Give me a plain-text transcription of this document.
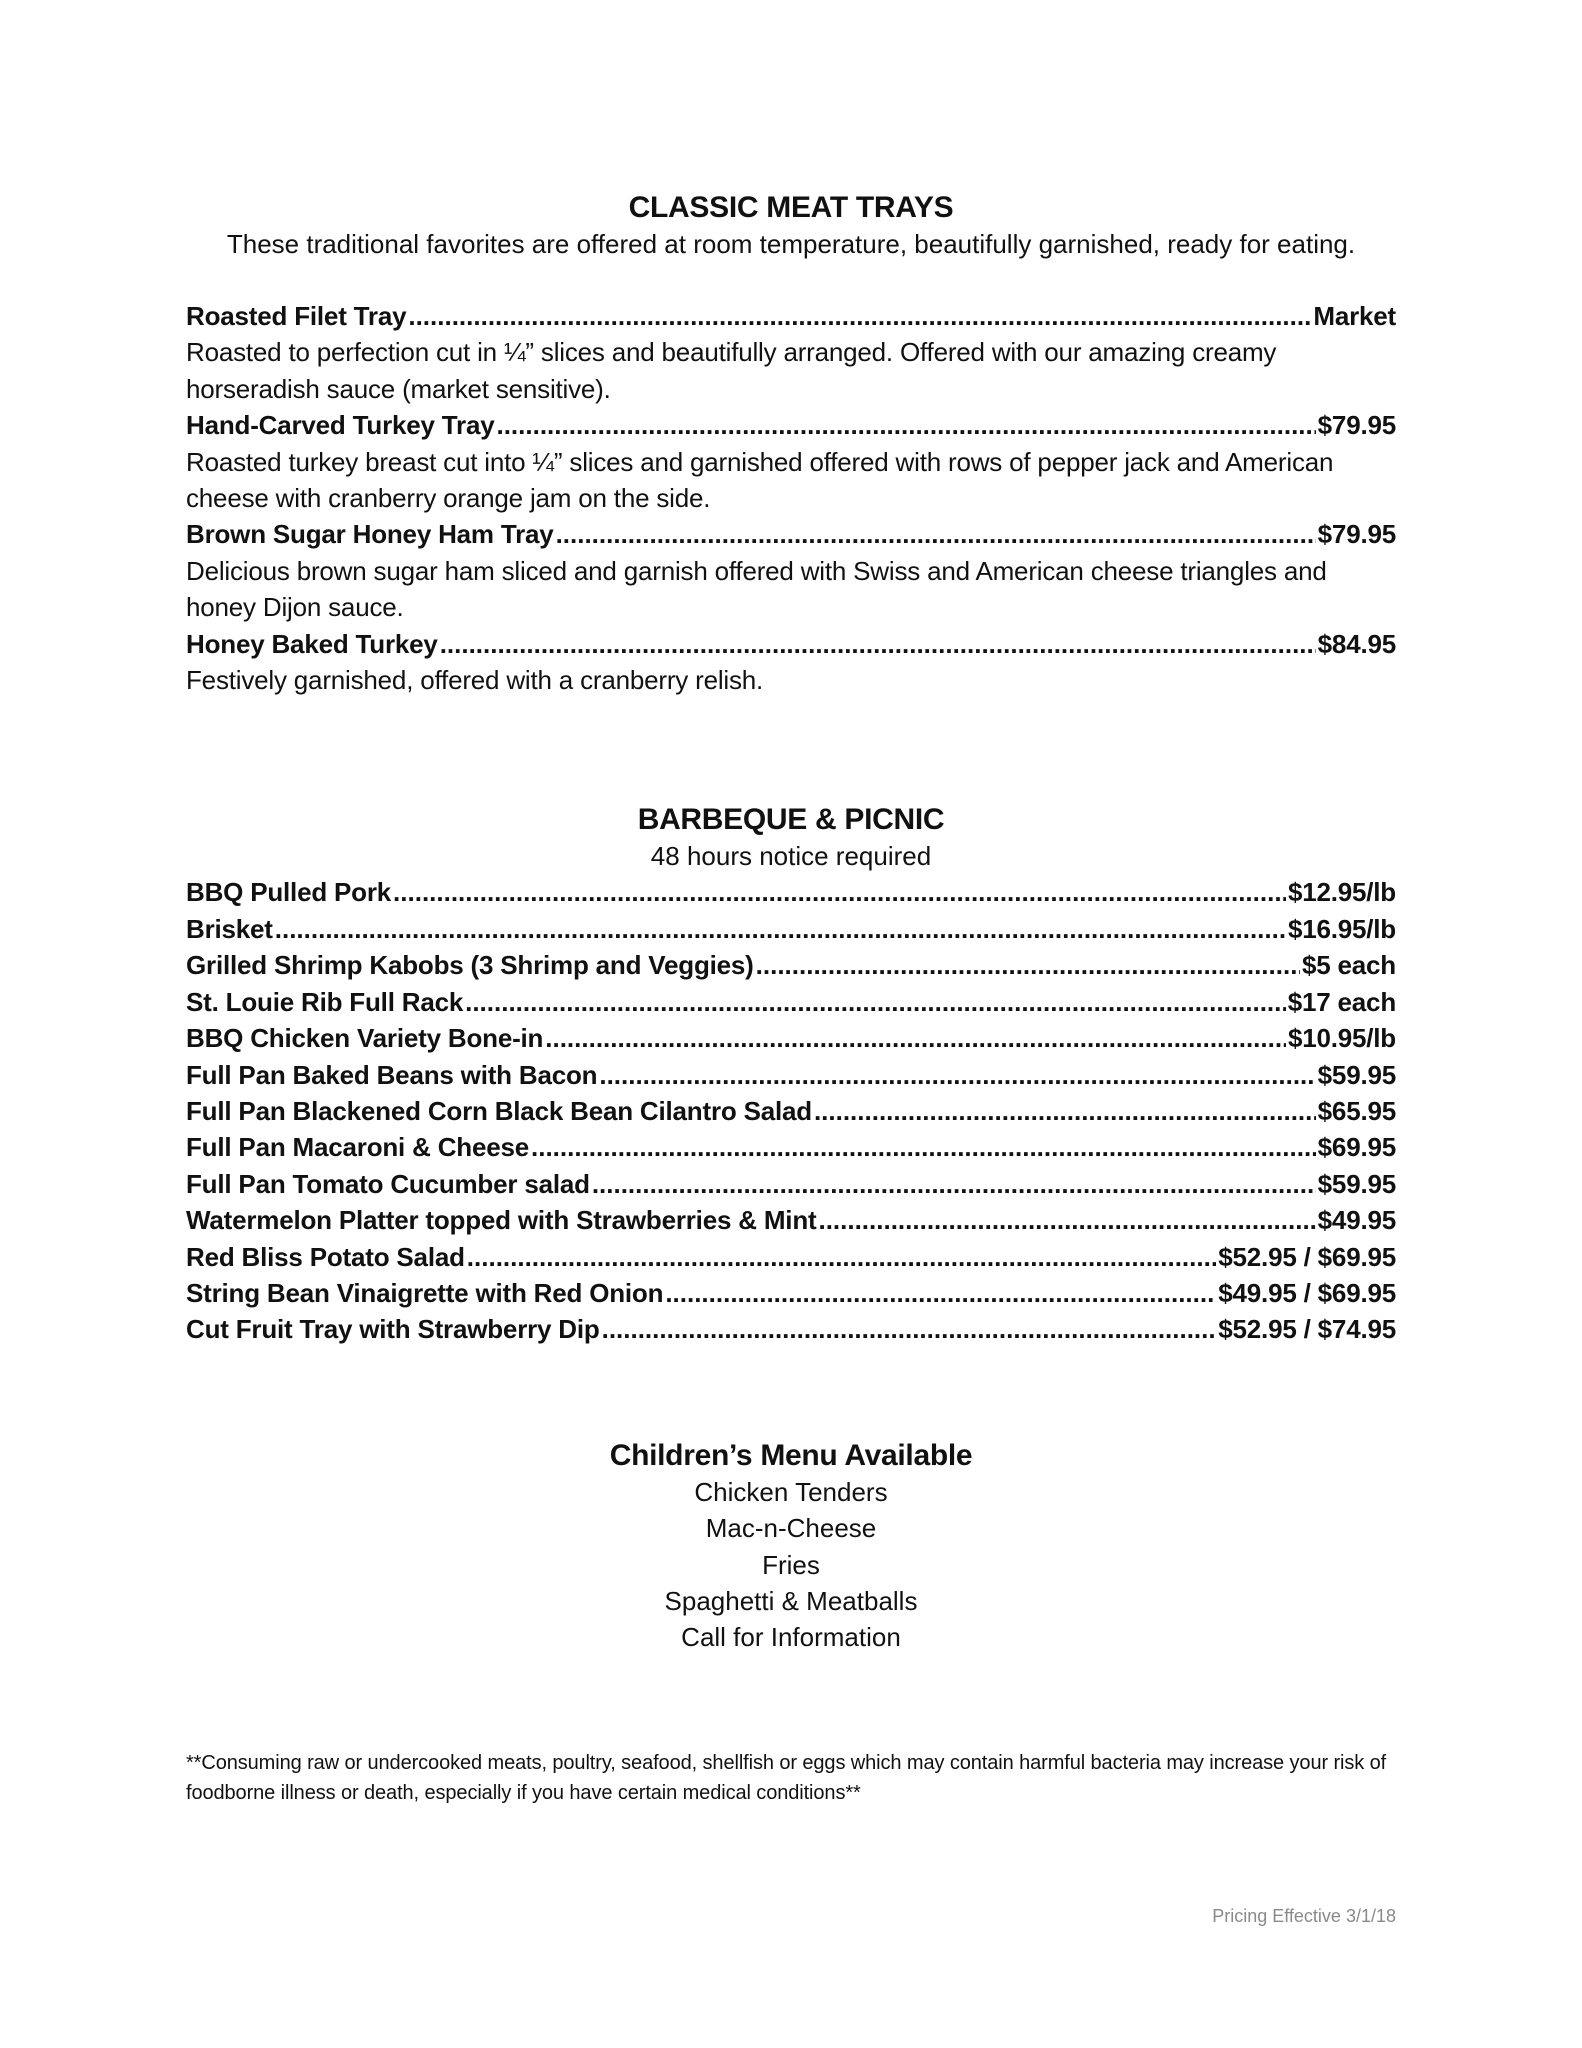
CLASSIC MEAT TRAYS

These traditional favorites are offered at room temperature, beautifully garnished, ready for eating.

Roasted Filet Tray .....	Market
Roasted to perfection cut in ¼” slices and beautifully arranged. Offered with our amazing creamy horseradish sauce (market sensitive).
Hand-Carved Turkey Tray .....	$79.95
Roasted turkey breast cut into ¼” slices and garnished offered with rows of pepper jack and American cheese with cranberry orange jam on the side.
Brown Sugar Honey Ham Tray .....	$79.95
Delicious brown sugar ham sliced and garnish offered with Swiss and American cheese triangles and honey Dijon sauce.
Honey Baked Turkey .....	$84.95
Festively garnished, offered with a cranberry relish.
BARBEQUE & PICNIC

48 hours notice required

BBQ Pulled Pork .....	$12.95/lb
Brisket .....	$16.95/lb
Grilled Shrimp Kabobs (3 Shrimp and Veggies) .....	$5 each
St. Louie Rib Full Rack .....	$17 each
BBQ Chicken Variety Bone-in .....	$10.95/lb
Full Pan Baked Beans with Bacon .....	$59.95
Full Pan Blackened Corn Black Bean Cilantro Salad .....	$65.95
Full Pan Macaroni & Cheese .....	$69.95
Full Pan Tomato Cucumber salad .....	$59.95
Watermelon Platter topped with Strawberries & Mint .....	$49.95
Red Bliss Potato Salad .....	$52.95 / $69.95
String Bean Vinaigrette with Red Onion .....	$49.95 / $69.95
Cut Fruit Tray with Strawberry Dip .....	$52.95 / $74.95
Children’s Menu Available
Chicken Tenders
Mac-n-Cheese
Fries
Spaghetti & Meatballs
Call for Information
**Consuming raw or undercooked meats, poultry, seafood, shellfish or eggs which may contain harmful bacteria may increase your risk of foodborne illness or death, especially if you have certain medical conditions**
Pricing Effective 3/1/18
